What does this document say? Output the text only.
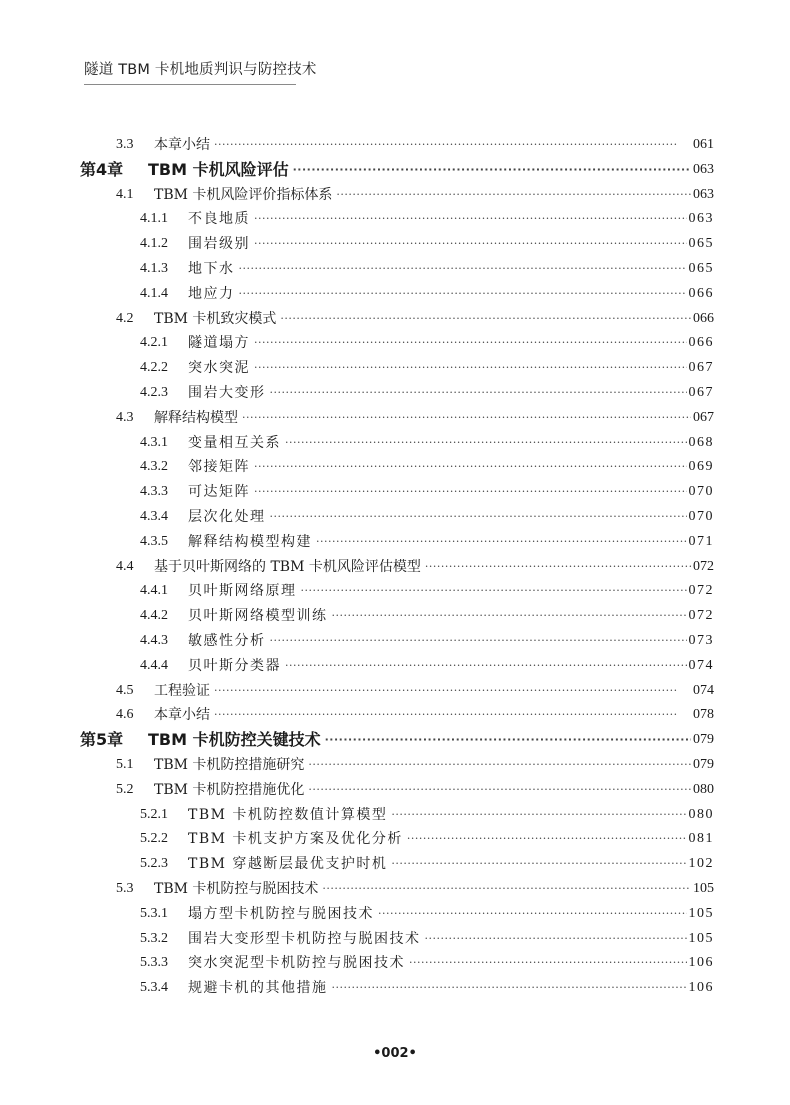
隧道 TBM 卡机地质判识与防控技术
3.3	本章小结 ·····	061
第4章	TBM 卡机风险评估 ·····	063
4.1	TBM 卡机风险评价指标体系 ·····	063
4.1.1	不良地质 ·····	063
4.1.2	围岩级别 ·····	065
4.1.3	地下水 ·····	065
4.1.4	地应力 ·····	066
4.2	TBM 卡机致灾模式 ·····	066
4.2.1	隧道塌方 ·····	066
4.2.2	突水突泥 ·····	067
4.2.3	围岩大变形 ·····	067
4.3	解释结构模型 ·····	067
4.3.1	变量相互关系 ·····	068
4.3.2	邻接矩阵 ·····	069
4.3.3	可达矩阵 ·····	070
4.3.4	层次化处理 ·····	070
4.3.5	解释结构模型构建 ·····	071
4.4	基于贝叶斯网络的 TBM 卡机风险评估模型 ·····	072
4.4.1	贝叶斯网络原理 ·····	072
4.4.2	贝叶斯网络模型训练 ·····	072
4.4.3	敏感性分析 ·····	073
4.4.4	贝叶斯分类器 ·····	074
4.5	工程验证 ·····	074
4.6	本章小结 ·····	078
第5章	TBM 卡机防控关键技术 ·····	079
5.1	TBM 卡机防控措施研究 ·····	079
5.2	TBM 卡机防控措施优化 ·····	080
5.2.1	TBM 卡机防控数值计算模型 ·····	080
5.2.2	TBM 卡机支护方案及优化分析 ·····	081
5.2.3	TBM 穿越断层最优支护时机 ·····	102
5.3	TBM 卡机防控与脱困技术 ·····	105
5.3.1	塌方型卡机防控与脱困技术 ·····	105
5.3.2	围岩大变形型卡机防控与脱困技术 ·····	105
5.3.3	突水突泥型卡机防控与脱困技术 ·····	106
5.3.4	规避卡机的其他措施 ·····	106
•002•
